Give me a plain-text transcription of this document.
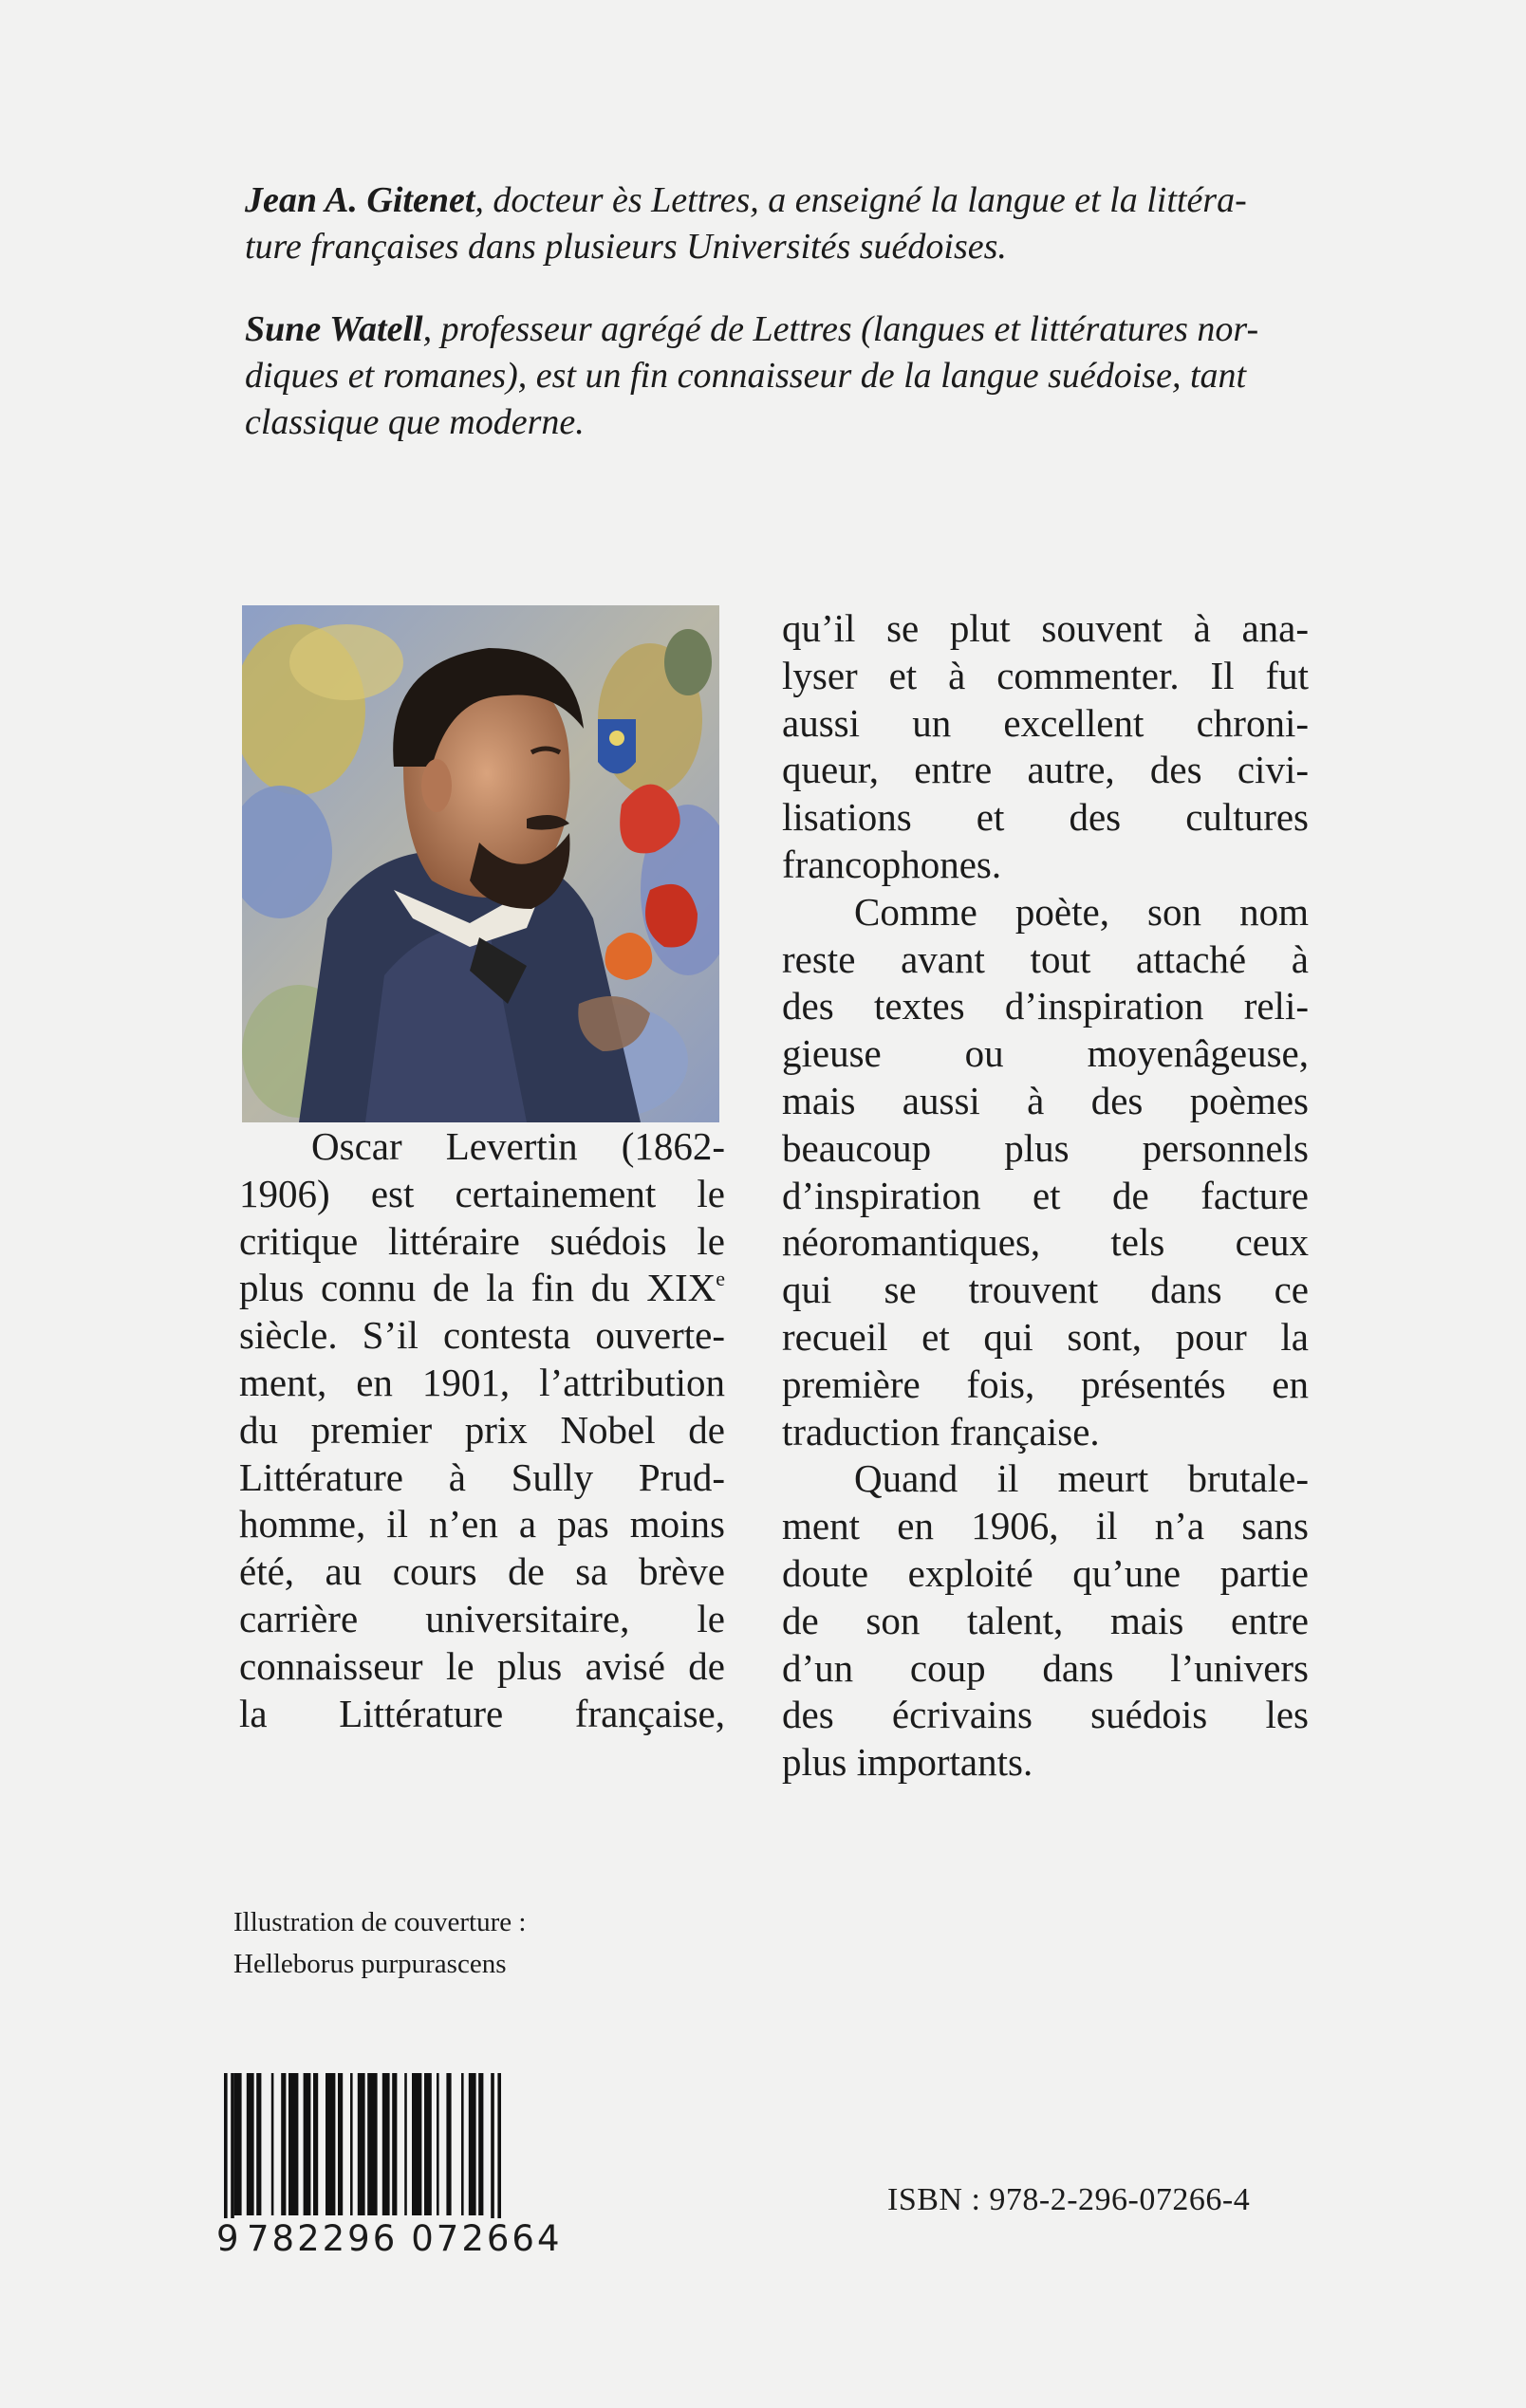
Jean A. Gitenet, docteur ès Lettres, a enseigné la langue et la littéra-
ture françaises dans plusieurs Universités suédoises.

Sune Watell, professeur agrégé de Lettres (langues et littératures nor-
diques et romanes), est un fin connaisseur de la langue suédoise, tant
classique que moderne.

Oscar Levertin (1862-
1906) est certainement le
critique littéraire suédois le
plus connu de la fin du XIXe
siècle. S’il contesta ouverte-
ment, en 1901, l’attribution
du premier prix Nobel de
Littérature à Sully Prud-
homme, il n’en a pas moins
été, au cours de sa brève
carrière universitaire, le
connaisseur le plus avisé de
la Littérature française,
qu’il se plut souvent à ana-
lyser et à commenter. Il fut
aussi un excellent chroni-
queur, entre autre, des civi-
lisations et des cultures
francophones.
Comme poète, son nom
reste avant tout attaché à
des textes d’inspiration reli-
gieuse ou moyenâgeuse,
mais aussi à des poèmes
beaucoup plus personnels
d’inspiration et de facture
néoromantiques, tels ceux
qui se trouvent dans ce
recueil et qui sont, pour la
première fois, présentés en
traduction française.
Quand il meurt brutale-
ment en 1906, il n’a sans
doute exploité qu’une partie
de son talent, mais entre
d’un coup dans l’univers
des écrivains suédois les
plus importants.

Illustration de couverture :
Helleborus purpurascens

9 782296 072664

ISBN : 978-2-296-07266-4
